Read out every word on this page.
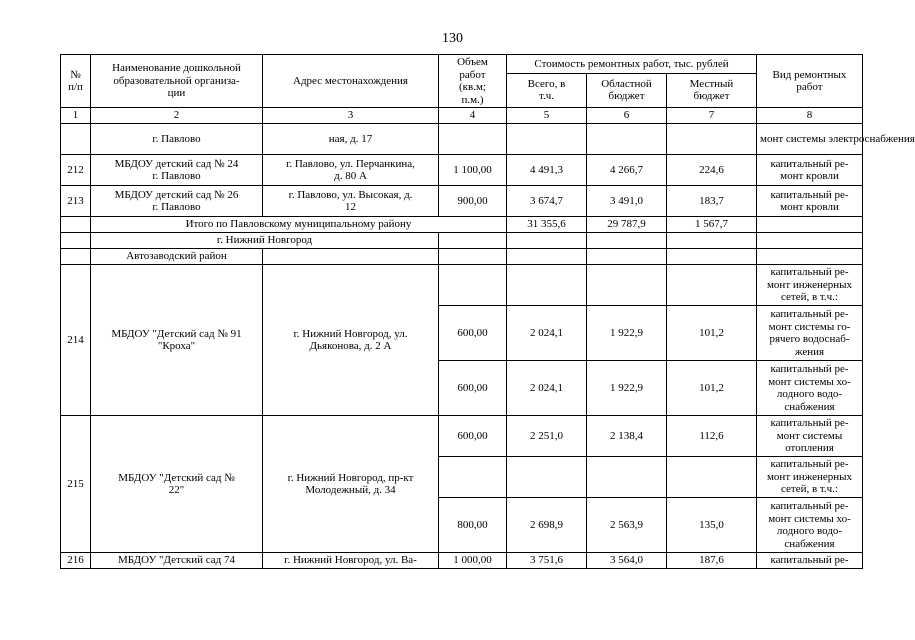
130
№
п/п	Наименование дошкольной
образовательной организа-
ции	Адрес местонахождения	Объем
работ
(кв.м;
п.м.)	Стоимость ремонтных работ, тыс. рублей			Вид ремонтных
работ
				Всего, в
т.ч.	Областной
бюджет	Местный
бюджет	
1	2	3	4	5	6	7	8
	г. Павлово	ная, д. 17					монт системы электроснабжения
212	МБДОУ детский сад № 24
г. Павлово	г. Павлово, ул. Перчанкина,
д. 80 А	1 100,00	4 491,3	4 266,7	224,6	капитальный ре-
монт кровли
213	МБДОУ детский сад № 26
г. Павлово	г. Павлово, ул. Высокая, д.
12	900,00	3 674,7	3 491,0	183,7	капитальный ре-
монт кровли
	Итого по Павловскому муниципальному району			31 355,6	29 787,9	1 567,7	
	г. Нижний Новгород						
	Автозаводский район						
214	МБДОУ "Детский сад № 91
"Кроха"	г. Нижний Новгород, ул.
Дьяконова, д. 2 А					капитальный ре-
монт инженерных
сетей, в т.ч.:
			600,00	2 024,1	1 922,9	101,2	капитальный ре-
монт системы го-
рячего водоснаб-
жения
			600,00	2 024,1	1 922,9	101,2	капитальный ре-
монт системы хо-
лодного водо-
снабжения
215	МБДОУ "Детский сад №
22"	г. Нижний Новгород, пр-кт
Молодежный, д. 34	600,00	2 251,0	2 138,4	112,6	капитальный ре-
монт системы
отопления
							капитальный ре-
монт инженерных
сетей, в т.ч.:
			800,00	2 698,9	2 563,9	135,0	капитальный ре-
монт системы хо-
лодного водо-
снабжения
216	МБДОУ "Детский сад 74	г. Нижний Новгород, ул. Ва-	1 000,00	3 751,6	3 564,0	187,6	капитальный ре-
